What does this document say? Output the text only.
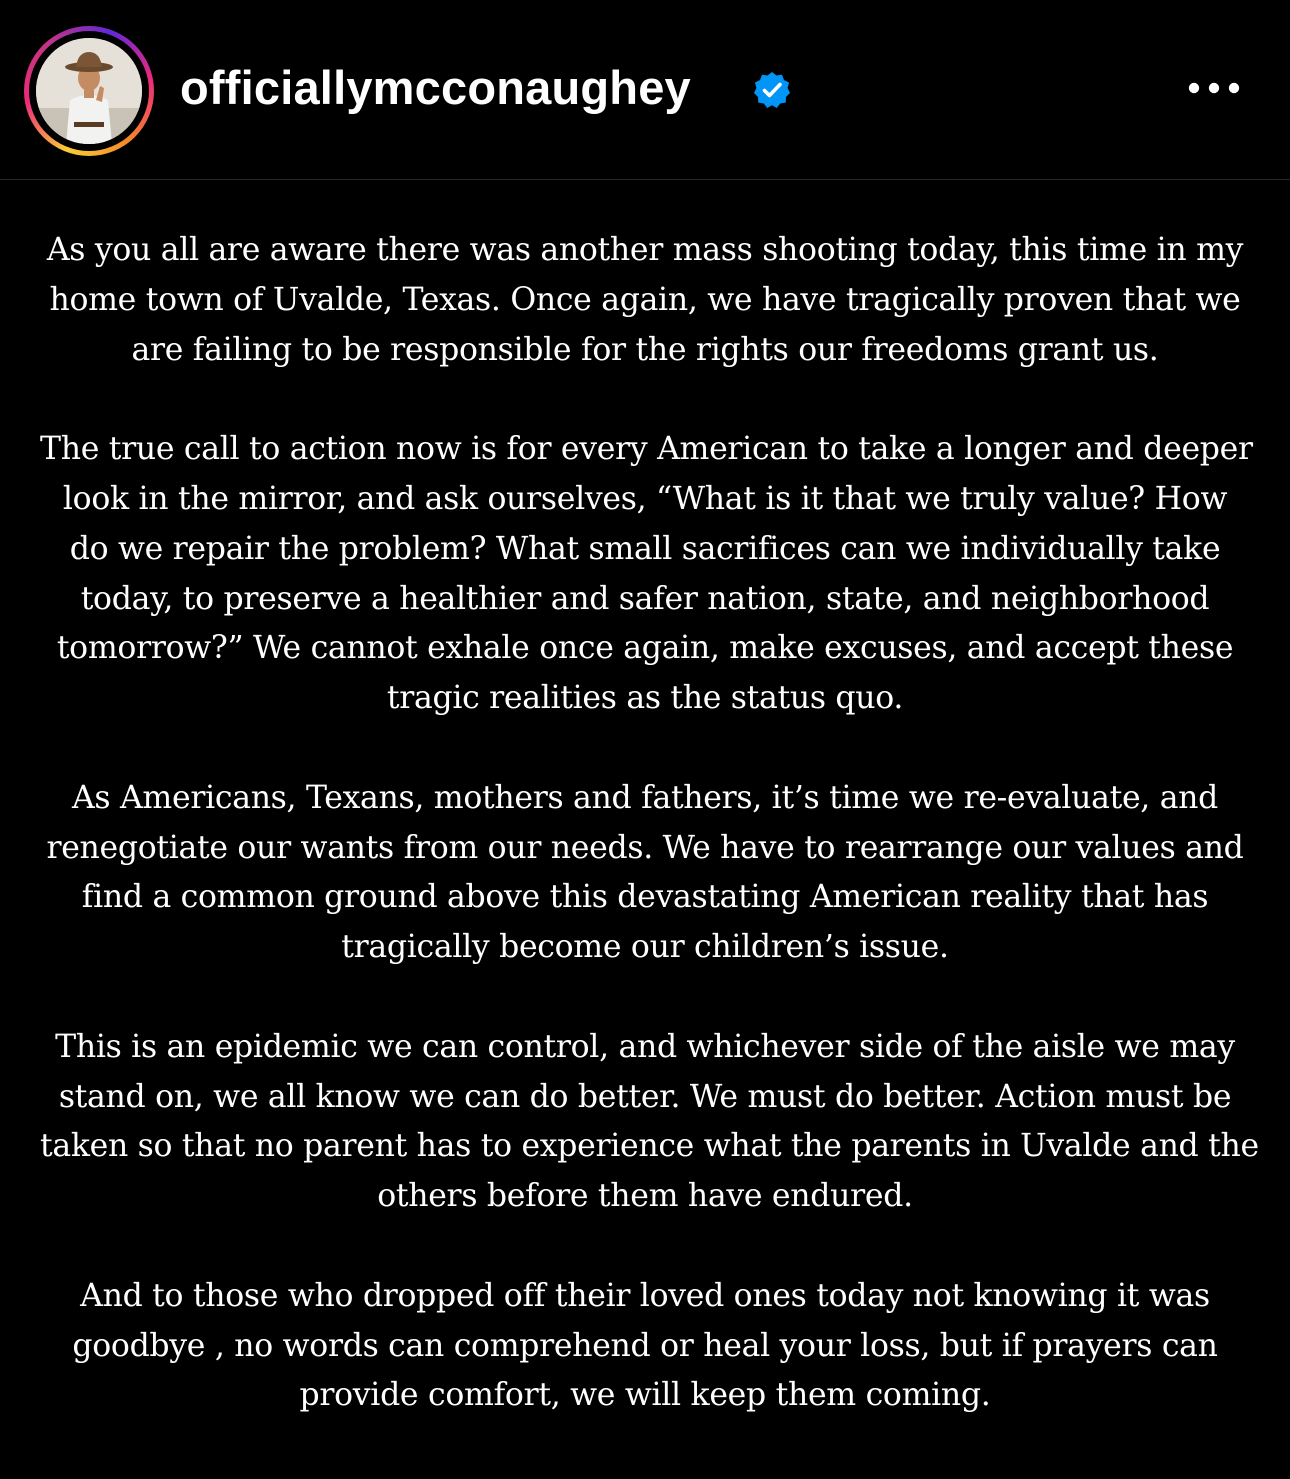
officiallymcconaughey

As you all are aware there was another mass shooting today, this time in my
home town of Uvalde, Texas. Once again, we have tragically proven that we
are failing to be responsible for the rights our freedoms grant us.

The true call to action now is for every American to take a longer and deeper
look in the mirror, and ask ourselves, “What is it that we truly value? How
do we repair the problem? What small sacrifices can we individually take
today, to preserve a healthier and safer nation, state, and neighborhood
tomorrow?” We cannot exhale once again, make excuses, and accept these
tragic realities as the status quo.

As Americans, Texans, mothers and fathers, it’s time we re-evaluate, and
renegotiate our wants from our needs. We have to rearrange our values and
find a common ground above this devastating American reality that has
tragically become our children’s issue.

This is an epidemic we can control, and whichever side of the aisle we may
stand on, we all know we can do better. We must do better. Action must be
taken so that no parent has to experience what the parents in Uvalde and the
others before them have endured.

And to those who dropped off their loved ones today not knowing it was
goodbye , no words can comprehend or heal your loss, but if prayers can
provide comfort, we will keep them coming.
